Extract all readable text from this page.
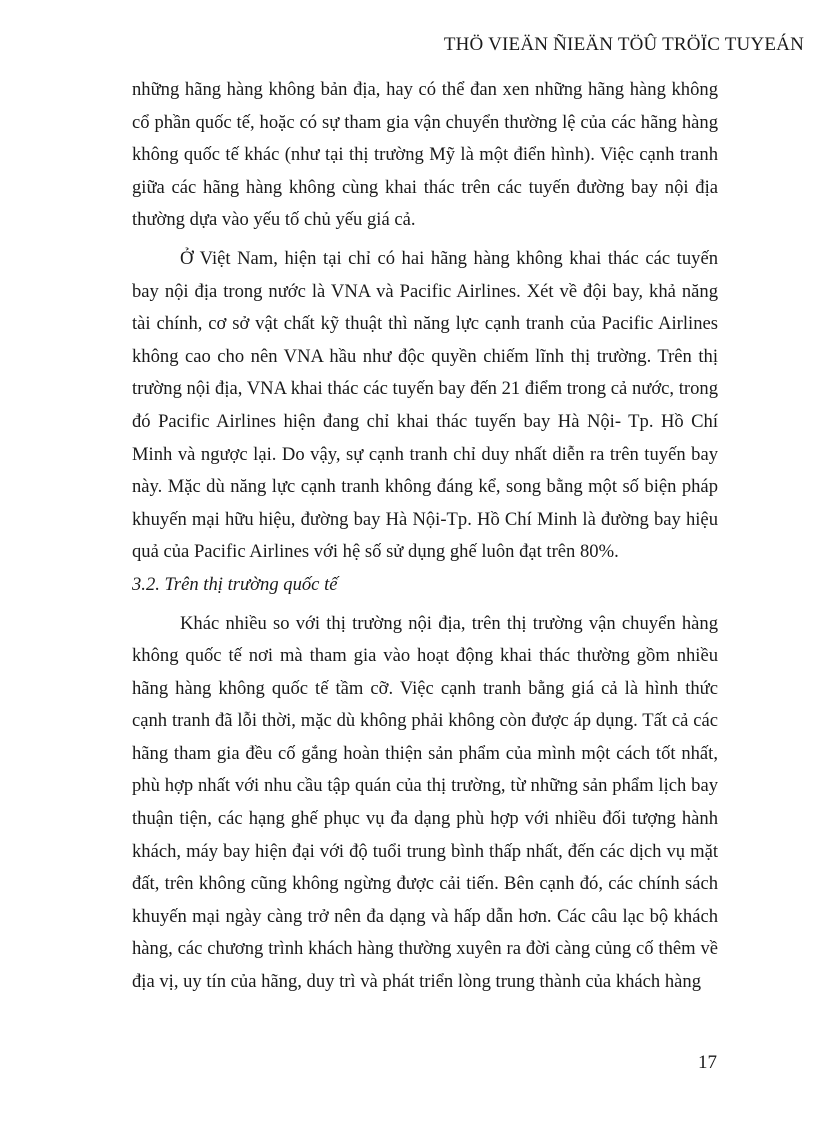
THÖ VIEÄN ÑIEÄN TÖÛ TRÖÏC TUYEÁN

những hãng hàng không bản địa, hay có thể đan xen những hãng hàng không cổ phần quốc tế, hoặc có sự tham gia vận chuyển thường lệ của các hãng hàng không quốc tế khác (như tại thị trường Mỹ là một điển hình). Việc cạnh tranh giữa các hãng hàng không cùng khai thác trên các tuyến đường bay nội địa thường dựa vào yếu tố chủ yếu giá cả.

Ở Việt Nam, hiện tại chỉ có hai hãng hàng không khai thác các tuyến bay nội địa trong nước là VNA và Pacific Airlines. Xét về đội bay, khả năng tài chính, cơ sở vật chất kỹ thuật thì năng lực cạnh tranh của Pacific Airlines không cao cho nên VNA hầu như độc quyền chiếm lĩnh thị trường. Trên thị trường nội địa, VNA khai thác các tuyến bay đến 21 điểm trong cả nước, trong đó Pacific Airlines hiện đang chỉ khai thác tuyến bay Hà Nội- Tp. Hồ Chí Minh và ngược lại. Do vậy, sự cạnh tranh chỉ duy nhất diễn ra trên tuyến bay này. Mặc dù năng lực cạnh tranh không đáng kể, song bằng một số biện pháp khuyến mại hữu hiệu, đường bay Hà Nội-Tp. Hồ Chí Minh là đường bay hiệu quả của Pacific Airlines với hệ số sử dụng ghế luôn đạt trên 80%.

3.2. Trên thị trường quốc tế

Khác nhiều so với thị trường nội địa, trên thị trường vận chuyển hàng không quốc tế nơi mà tham gia vào hoạt động khai thác thường gồm nhiều hãng hàng không quốc tế tầm cỡ. Việc cạnh tranh bằng giá cả là hình thức cạnh tranh đã lỗi thời, mặc dù không phải không còn được áp dụng. Tất cả các hãng tham gia đều cố gắng hoàn thiện sản phẩm của mình một cách tốt nhất, phù hợp nhất với nhu cầu tập quán của thị trường, từ những sản phẩm lịch bay thuận tiện, các hạng ghế phục vụ đa dạng phù hợp với nhiều đối tượng hành khách, máy bay hiện đại với độ tuổi trung bình thấp nhất, đến các dịch vụ mặt đất, trên không cũng không ngừng được cải tiến. Bên cạnh đó, các chính sách khuyến mại ngày càng trở nên đa dạng và hấp dẫn hơn. Các câu lạc bộ khách hàng, các chương trình khách hàng thường xuyên ra đời càng củng cố thêm về địa vị, uy tín của hãng, duy trì và phát triển lòng trung thành của khách hàng

17
